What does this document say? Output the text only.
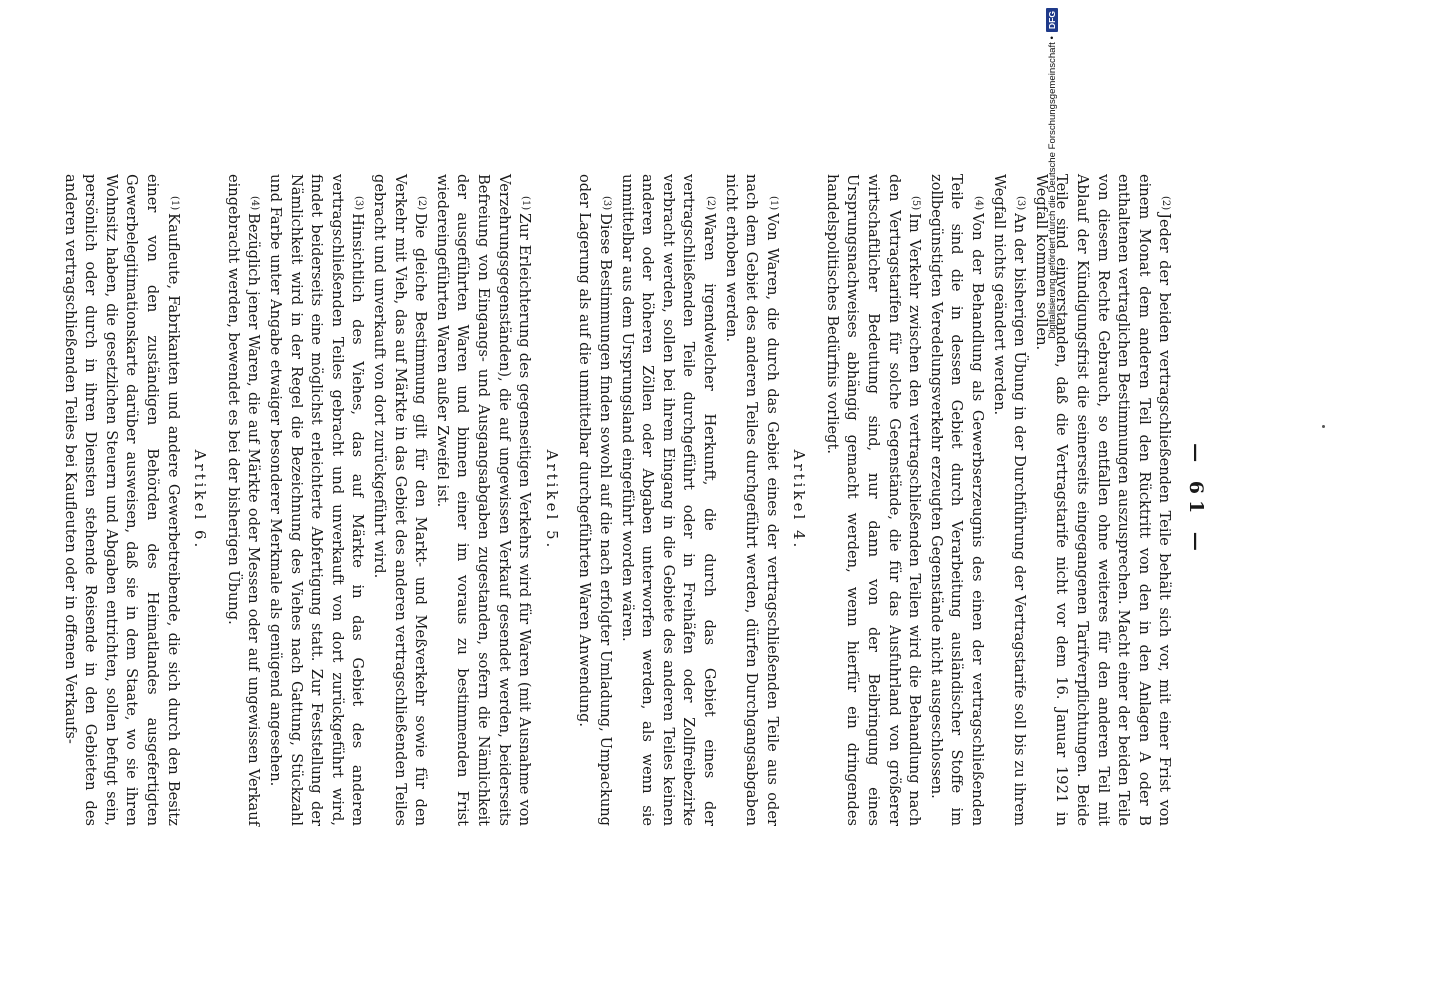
— 61 —

$^{(2)}$Jeder der beiden vertragschließenden Teile behält sich vor, mit einer Frist von einem Monat dem anderen Teil den Rücktritt von den in den Anlagen A oder B enthaltenen vertraglichen Bestimmungen auszusprechen. Macht einer der beiden Teile von diesem Rechte Gebrauch, so entfallen ohne weiteres für den anderen Teil mit Ablauf der Kündigungsfrist die seinerseits eingegangenen Tarifverpflichtungen. Beide Teile sind einverstanden, daß die Vertragstarife nicht vor dem 16. Januar 1921 in Wegfall kommen sollen.

$^{(3)}$An der bisherigen Übung in der Durchführung der Vertragstarife soll bis zu ihrem Wegfall nichts geändert werden.

$^{(4)}$Von der Behandlung als Gewerbserzeugnis des einen der vertragschließenden Teile sind die in dessen Gebiet durch Verarbeitung ausländischer Stoffe im zollbegünstigten Veredelungsverkehr erzeugten Gegenstände nicht ausgeschlossen.

$^{(5)}$Im Verkehr zwischen den vertragschließenden Teilen wird die Behandlung nach den Vertragstarifen für solche Gegenstände, die für das Ausfuhrland von größerer wirtschaftlicher Bedeutung sind, nur dann von der Beibringung eines Ursprungsnachweises abhängig gemacht werden, wenn hierfür ein dringendes handelspolitisches Bedürfnis vorliegt.

Artikel 4.

$^{(1)}$Von Waren, die durch das Gebiet eines der vertragschließenden Teile aus oder nach dem Gebiet des anderen Teiles durchgeführt werden, dürfen Durchgangsabgaben nicht erhoben werden.

$^{(2)}$Waren irgendwelcher Herkunft, die durch das Gebiet eines der vertragschließenden Teile durchgeführt oder in Freihäfen oder Zollfreibezirke verbracht werden, sollen bei ihrem Eingang in die Gebiete des anderen Teiles keinen anderen oder höheren Zöllen oder Abgaben unterworfen werden, als wenn sie unmittelbar aus dem Ursprungsland eingeführt worden wären.

$^{(3)}$Diese Bestimmungen finden sowohl auf die nach erfolgter Umladung, Umpackung oder Lagerung als auf die unmittelbar durchgeführten Waren Anwendung.

Artikel 5.

$^{(1)}$Zur Erleichterung des gegenseitigen Verkehrs wird für Waren (mit Ausnahme von Verzehrungsgegenständen), die auf ungewissen Verkauf gesendet werden, beiderseits Befreiung von Eingangs- und Ausgangsabgaben zugestanden, sofern die Nämlichkeit der ausgeführten Waren und binnen einer im voraus zu bestimmenden Frist wiedereingeführten Waren außer Zweifel ist.

$^{(2)}$Die gleiche Bestimmung gilt für den Markt- und Meßverkehr sowie für den Verkehr mit Vieh, das auf Märkte in das Gebiet des anderen vertragschließenden Teiles gebracht und unverkauft von dort zurückgeführt wird.

$^{(3)}$Hinsichtlich des Viehes, das auf Märkte in das Gebiet des anderen vertragschließenden Teiles gebracht und unverkauft von dort zurückgeführt wird, findet beiderseits eine möglichst erleichterte Abfertigung statt. Zur Feststellung der Nämlichkeit wird in der Regel die Bezeichnung des Viehes nach Gattung, Stückzahl und Farbe unter Angabe etwaiger besonderer Merkmale als genügend angesehen.

$^{(4)}$Bezüglich jener Waren, die auf Märkte oder Messen oder auf ungewissen Verkauf eingebracht werden, bewendet es bei der bisherigen Übung.

Artikel 6.

$^{(1)}$Kaufleute, Fabrikanten und andere Gewerbetreibende, die sich durch den Besitz einer von den zuständigen Behörden des Heimatlandes ausgefertigten Gewerbelegitimationskarte darüber ausweisen, daß sie in dem Staate, wo sie ihren Wohnsitz haben, die gesetzlichen Steuern und Abgaben entrichten, sollen befugt sein, persönlich oder durch in ihren Diensten stehende Reisende in den Gebieten des anderen vertragschließenden Teiles bei Kaufleuten oder in offenen Verkaufs-	Digitalisierung gefördert durch die Deutsche Forschungsgemeinschaft •
DFG
